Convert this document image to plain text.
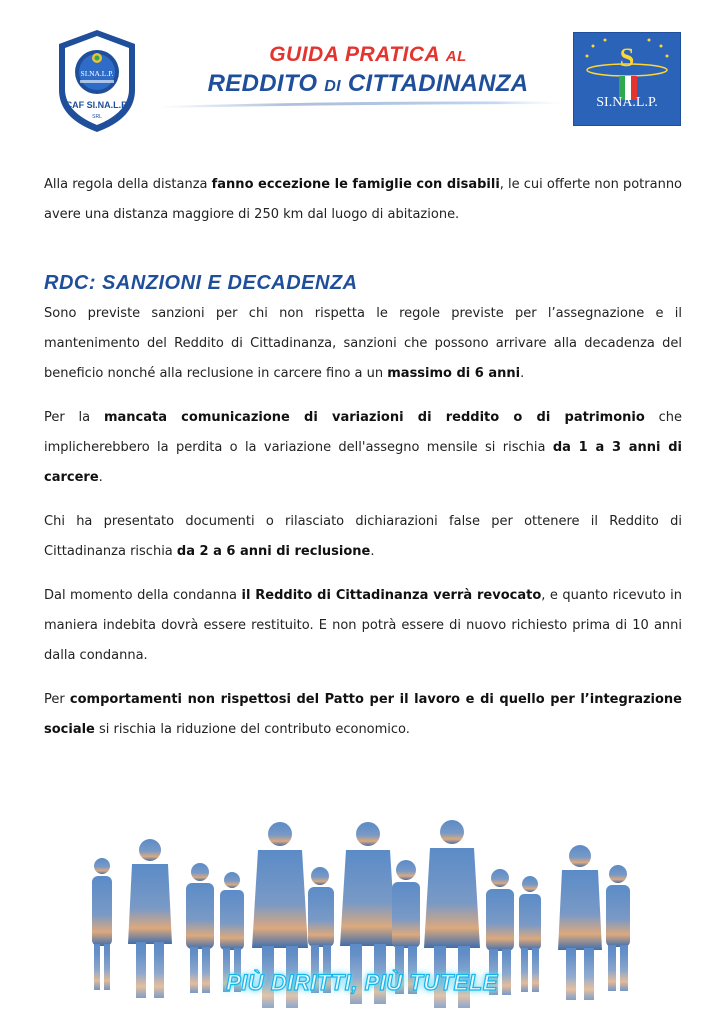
SI.NA.L.P.
CAF SI.NA.L.P.
SRL
GUIDA PRATICA AL
REDDITO DI CITTADINANZA
S
SI.NA.L.P.

Alla regola della distanza fanno eccezione le famiglie con disabili, le cui offerte non potranno avere una distanza maggiore di 250 km dal luogo di abitazione.

RDC: SANZIONI E DECADENZA

Sono previste sanzioni per chi non rispetta le regole previste per l’assegnazione e il mantenimento del Reddito di Cittadinanza, sanzioni che possono arrivare alla decadenza del beneficio nonché alla reclusione in carcere fino a un massimo di 6 anni.

Per la mancata comunicazione di variazioni di reddito o di patrimonio che implicherebbero la perdita o la variazione dell'assegno mensile si rischia da 1 a 3 anni di carcere.

Chi ha presentato documenti o rilasciato dichiarazioni false per ottenere il Reddito di Cittadinanza rischia da 2 a 6 anni di reclusione.

Dal momento della condanna il Reddito di Cittadinanza verrà revocato, e quanto ricevuto in maniera indebita dovrà essere restituito. E non potrà essere di nuovo richiesto prima di 10 anni dalla condanna.

Per comportamenti non rispettosi del Patto per il lavoro e di quello per l’integrazione sociale si rischia la riduzione del contributo economico.

PIÙ DIRITTI, PIÙ TUTELE
